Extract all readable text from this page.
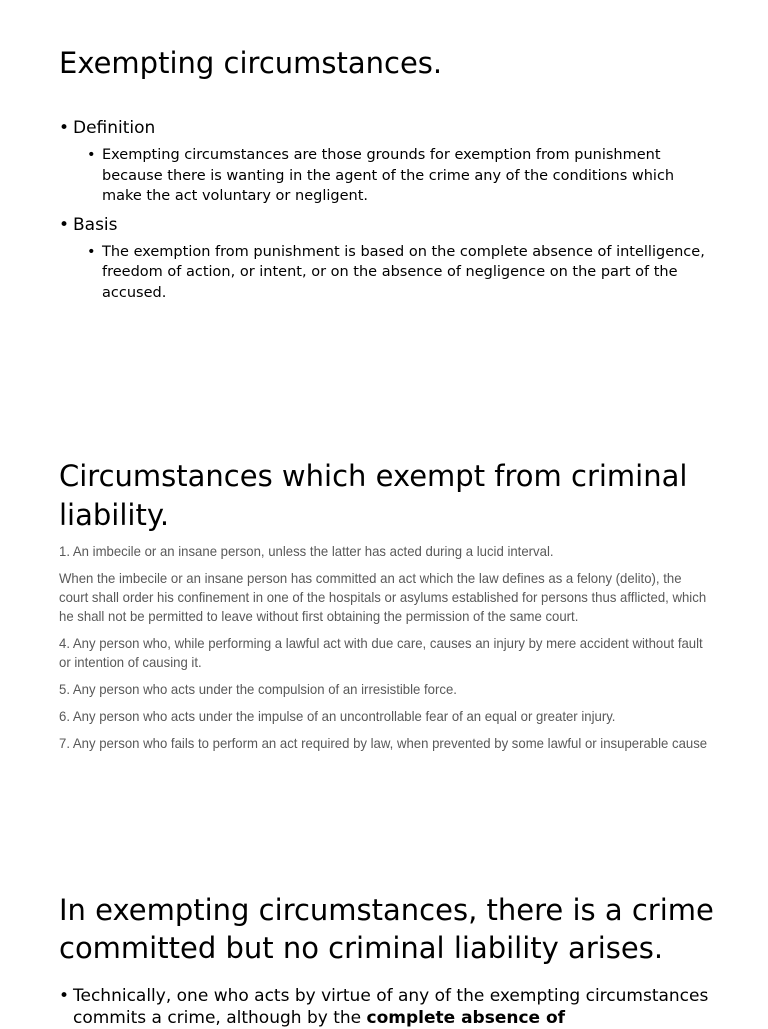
Exempting circumstances.
• Definition
• Exempting circumstances are those grounds for exemption from punishment because there is wanting in the agent of the crime any of the conditions which make the act voluntary or negligent.
• Basis
• The exemption from punishment is based on the complete absence of intelligence, freedom of action, or intent, or on the absence of negligence on the part of the accused.
Circumstances which exempt from criminal liability.

1. An imbecile or an insane person, unless the latter has acted during a lucid interval.

When the imbecile or an insane person has committed an act which the law defines as a felony (delito), the court shall order his confinement in one of the hospitals or asylums established for persons thus afflicted, which he shall not be permitted to leave without first obtaining the permission of the same court.

4. Any person who, while performing a lawful act with due care, causes an injury by mere accident without fault or intention of causing it.

5. Any person who acts under the compulsion of an irresistible force.

6. Any person who acts under the impulse of an uncontrollable fear of an equal or greater injury.

7. Any person who fails to perform an act required by law, when prevented by some lawful or insuperable cause

In exempting circumstances, there is a crime committed but no criminal liability arises.
• Technically, one who acts by virtue of any of the exempting circumstances commits a crime, although by the complete absence of
